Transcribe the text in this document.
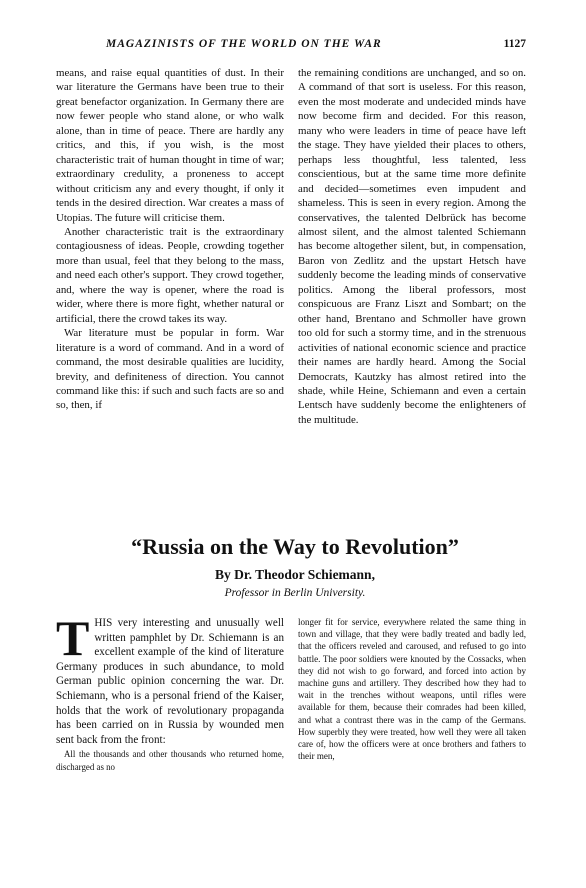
MAGAZINISTS OF THE WORLD ON THE WAR	1127

means, and raise equal quantities of dust. In their war literature the Germans have been true to their great benefactor organization. In Germany there are now fewer people who stand alone, or who walk alone, than in time of peace. There are hardly any critics, and this, if you wish, is the most characteristic trait of human thought in time of war; extraordinary credulity, a proneness to accept without criticism any and every thought, if only it tends in the desired direction. War creates a mass of Utopias. The future will criticise them.

Another characteristic trait is the extraordinary contagiousness of ideas. People, crowding together more than usual, feel that they belong to the mass, and need each other's support. They crowd together, and, where the way is opener, where the road is wider, where there is more fight, whether natural or artificial, there the crowd takes its way.

War literature must be popular in form. War literature is a word of command. And in a word of command, the most desirable qualities are lucidity, brevity, and definiteness of direction. You cannot command like this: if such and such facts are so and so, then, if

the remaining conditions are unchanged, and so on. A command of that sort is useless. For this reason, even the most moderate and undecided minds have now become firm and decided. For this reason, many who were leaders in time of peace have left the stage. They have yielded their places to others, perhaps less thoughtful, less talented, less conscientious, but at the same time more definite and decided—sometimes even impudent and shameless. This is seen in every region. Among the conservatives, the talented Delbrück has become almost silent, and the almost talented Schiemann has become altogether silent, but, in compensation, Baron von Zedlitz and the upstart Hetsch have suddenly become the leading minds of conservative politics. Among the liberal professors, most conspicuous are Franz Liszt and Sombart; on the other hand, Brentano and Schmoller have grown too old for such a stormy time, and in the strenuous activities of national economic science and practice their names are hardly heard. Among the Social Democrats, Kautzky has almost retired into the shade, while Heine, Schiemann and even a certain Lentsch have suddenly become the enlighteners of the multitude.

“Russia on the Way to Revolution”
By Dr. Theodor Schiemann,
Professor in Berlin University.

THIS very interesting and unusually well written pamphlet by Dr. Schiemann is an excellent example of the kind of literature Germany produces in such abundance, to mold German public opinion concerning the war. Dr. Schiemann, who is a personal friend of the Kaiser, holds that the work of revolutionary propaganda has been carried on in Russia by wounded men sent back from the front:

All the thousands and other thousands who returned home, discharged as no

longer fit for service, everywhere related the same thing in town and village, that they were badly treated and badly led, that the officers reveled and caroused, and refused to go into battle. The poor soldiers were knouted by the Cossacks, when they did not wish to go forward, and forced into action by machine guns and artillery. They described how they had to wait in the trenches without weapons, until rifles were available for them, because their comrades had been killed, and what a contrast there was in the camp of the Germans. How superbly they were treated, how well they were all taken care of, how the officers were at once brothers and fathers to their men,
